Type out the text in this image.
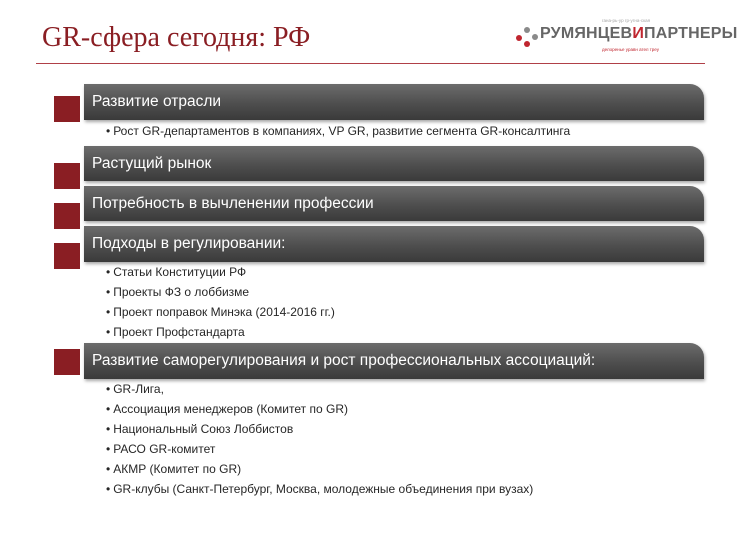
GR-сфера сегодня: РФ
гана-рь-ур гр-угна-ская
РУМЯНЦЕВИПАРТНЕРЫ
делоренье уравн ател треу
Развитие отрасли
• Рост GR-департаментов в компаниях, VP GR, развитие сегмента GR-консалтинга
Растущий рынок
Потребность в вычленении профессии
Подходы в регулировании:
• Статьи Конституции РФ
• Проекты ФЗ о лоббизме
• Проект поправок Минэка (2014-2016 гг.)
• Проект Профстандарта
Развитие саморегулирования и рост профессиональных ассоциаций:
• GR-Лига,
• Ассоциация менеджеров (Комитет по GR)
• Национальный Союз Лоббистов
• РАСО GR-комитет
• АКМР (Комитет по GR)
• GR-клубы (Санкт-Петербург, Москва, молодежные объединения при вузах)
